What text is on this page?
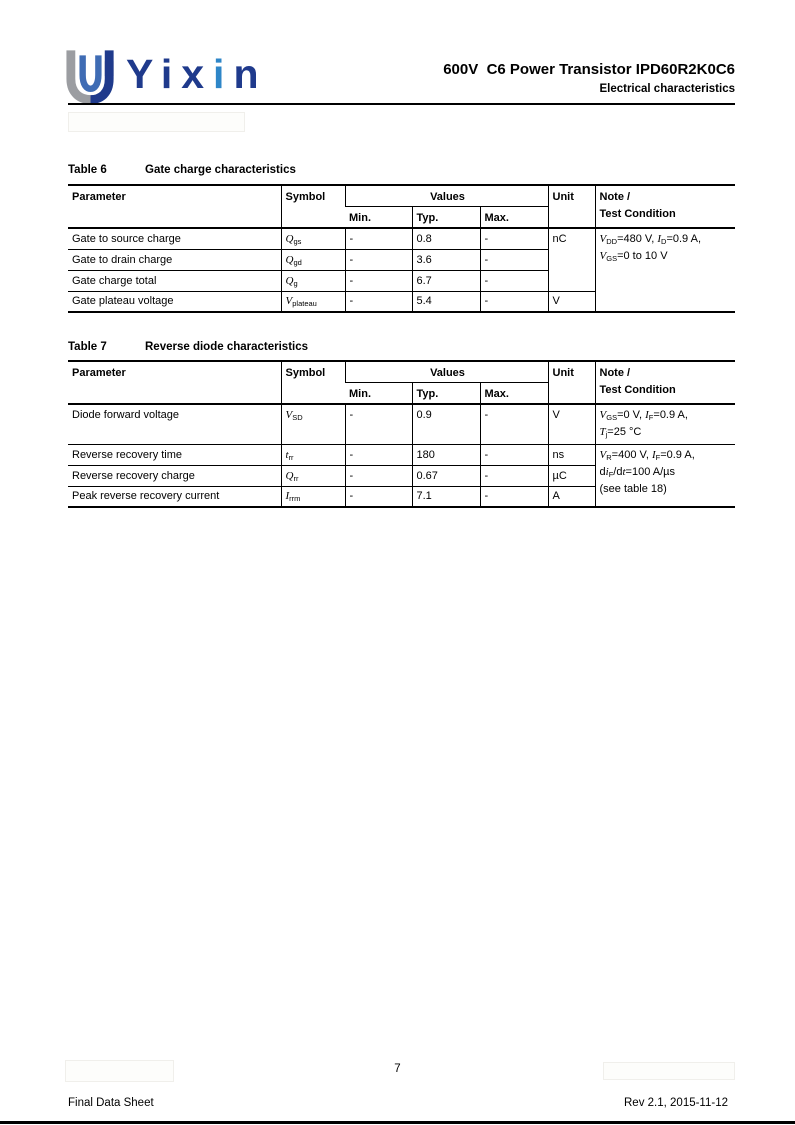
Yixin	600V  C6 Power Transistor IPD60R2K0C6
Electrical characteristics
Table 6	Gate charge characteristics
Parameter	Symbol	Values			Unit	Note /
Test Condition

		Min.	Typ.	Max.		
Gate to source charge	$Q_{gs}$	-	0.8	-	nC	$V_{DD}=480$ V, $I_D=0.9$ A,
$V_{GS}=0$ to 10 V
Gate to drain charge	$Q_{gd}$	-	3.6	-		
Gate charge total	$Q_g$	-	6.7	-		
Gate plateau voltage	$V_{plateau}$	-	5.4	-	V	
Table 7	Reverse diode characteristics
Parameter	Symbol	Values			Unit	Note /
Test Condition

		Min.	Typ.	Max.		
Diode forward voltage	$V_{SD}$	-	0.9	-	V	$V_{GS}=0$ V, $I_F=0.9$ A,
$T_j=25$ °C
Reverse recovery time	$t_{rr}$	-	180	-	ns	$V_R=400$ V, $I_F=0.9$ A,
$di_F/dt=100$ A/µs
(see table 18)
Reverse recovery charge	$Q_{rr}$	-	0.67	-	µC	
Peak reverse recovery current	$I_{rrm}$	-	7.1	-	A	
7
Final Data Sheet	Rev 2.1, 2015-11-12
